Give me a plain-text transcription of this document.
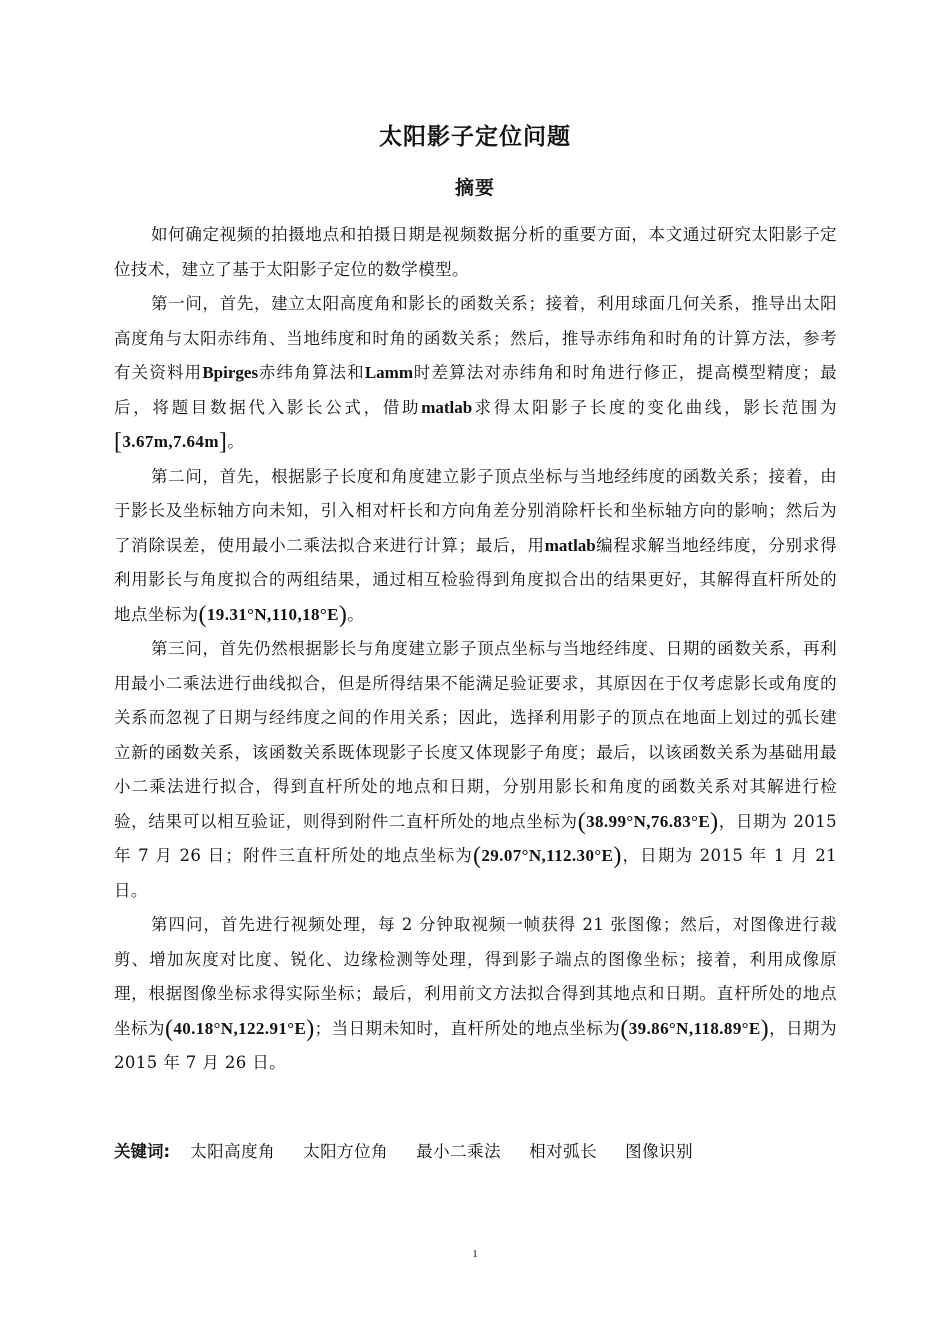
太阳影子定位问题
摘要

如何确定视频的拍摄地点和拍摄日期是视频数据分析的重要方面，本文通过研究太阳影子定位技术，建立了基于太阳影子定位的数学模型。

第一问，首先，建立太阳高度角和影长的函数关系；接着，利用球面几何关系，推导出太阳高度角与太阳赤纬角、当地纬度和时角的函数关系；然后，推导赤纬角和时角的计算方法，参考有关资料用Bpirges赤纬角算法和Lamm时差算法对赤纬角和时角进行修正，提高模型精度；最后，将题目数据代入影长公式，借助matlab求得太阳影子长度的变化曲线，影长范围为[3.67m,7.64m]。

第二问，首先，根据影子长度和角度建立影子顶点坐标与当地经纬度的函数关系；接着，由于影长及坐标轴方向未知，引入相对杆长和方向角差分别消除杆长和坐标轴方向的影响；然后为了消除误差，使用最小二乘法拟合来进行计算；最后，用matlab编程求解当地经纬度，分别求得利用影长与角度拟合的两组结果，通过相互检验得到角度拟合出的结果更好，其解得直杆所处的地点坐标为(19.31°N,110,18°E)。

第三问，首先仍然根据影长与角度建立影子顶点坐标与当地经纬度、日期的函数关系，再利用最小二乘法进行曲线拟合，但是所得结果不能满足验证要求，其原因在于仅考虑影长或角度的关系而忽视了日期与经纬度之间的作用关系；因此，选择利用影子的顶点在地面上划过的弧长建立新的函数关系，该函数关系既体现影子长度又体现影子角度；最后，以该函数关系为基础用最小二乘法进行拟合，得到直杆所处的地点和日期，分别用影长和角度的函数关系对其解进行检验，结果可以相互验证，则得到附件二直杆所处的地点坐标为(38.99°N,76.83°E)，日期为 2015 年 7 月 26 日；附件三直杆所处的地点坐标为(29.07°N,112.30°E)，日期为 2015 年 1 月 21 日。

第四问，首先进行视频处理，每 2 分钟取视频一帧获得 21 张图像；然后，对图像进行裁剪、增加灰度对比度、锐化、边缘检测等处理，得到影子端点的图像坐标；接着，利用成像原理，根据图像坐标求得实际坐标；最后，利用前文方法拟合得到其地点和日期。直杆所处的地点坐标为(40.18°N,122.91°E)；当日期未知时，直杆所处的地点坐标为(39.86°N,118.89°E)，日期为 2015 年 7 月 26 日。

关键词: 太阳高度角 太阳方位角 最小二乘法 相对弧长 图像识别
1
